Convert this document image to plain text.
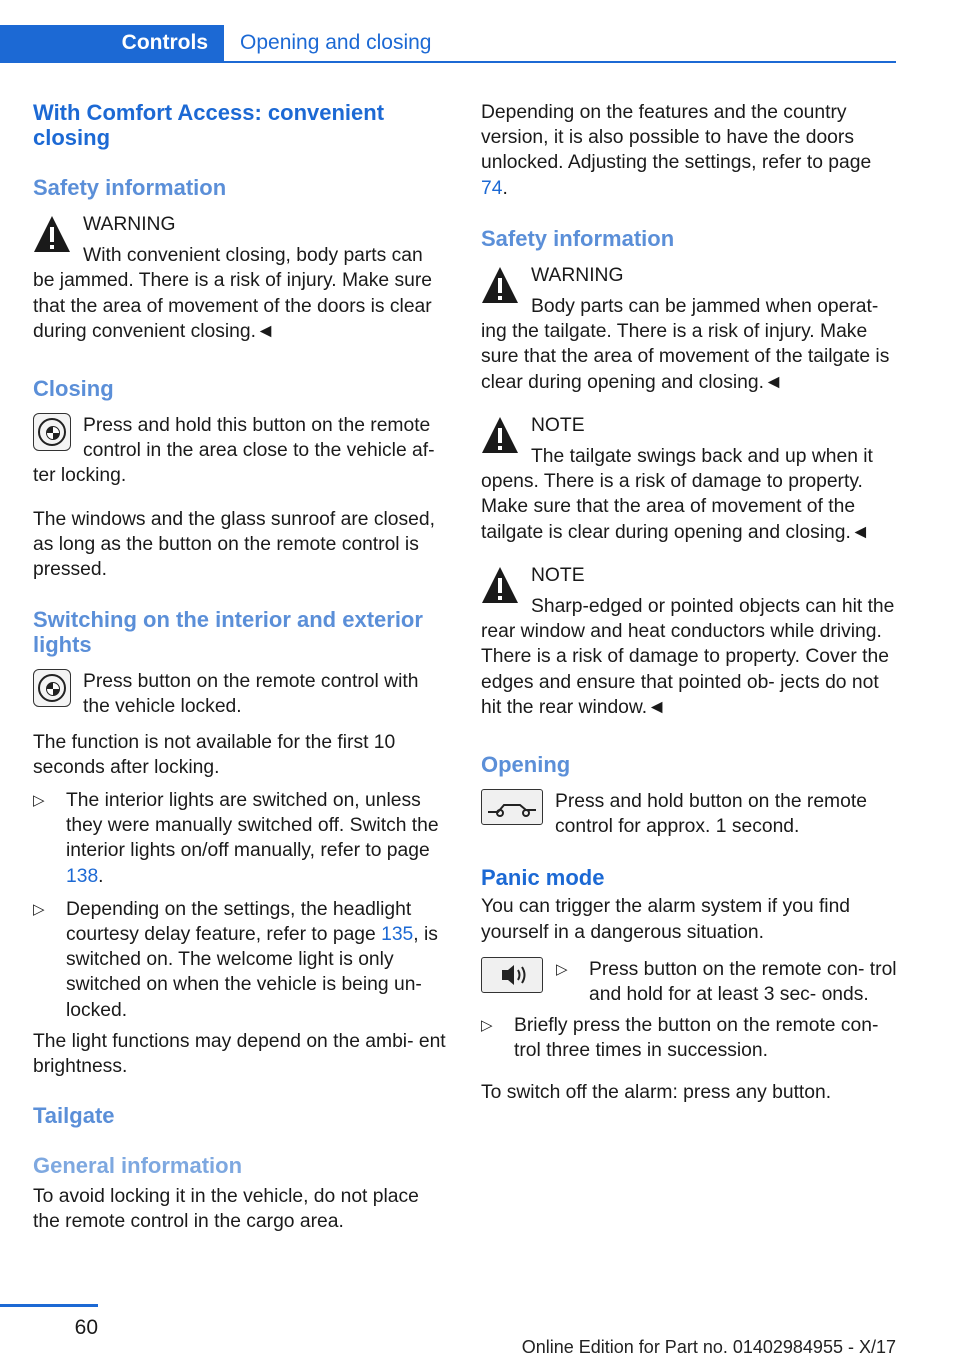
Controls	Opening and closing
With Comfort Access: convenient closing
Safety information

WARNING

With convenient closing, body parts can be jammed. There is a risk of injury. Make sure that the area of movement of the doors is clear during convenient closing.◄

Closing

Press and hold this button on the remote control in the area close to the vehicle af‐ ter locking.

The windows and the glass sunroof are closed, as long as the button on the remote control is pressed.

Switching on the interior and exterior lights

Press button on the remote control with the vehicle locked.

The function is not available for the first 10 seconds after locking.

▷ The interior lights are switched on, unless they were manually switched off. Switch the interior lights on/off manually, refer to page 138.
▷ Depending on the settings, the headlight courtesy delay feature, refer to page 135, is switched on. The welcome light is only switched on when the vehicle is being un‐ locked.

The light functions may depend on the ambi‐ ent brightness.

Tailgate
General information

To avoid locking it in the vehicle, do not place the remote control in the cargo area.

Depending on the features and the country version, it is also possible to have the doors unlocked. Adjusting the settings, refer to page 74.

Safety information

WARNING

Body parts can be jammed when operat‐ ing the tailgate. There is a risk of injury. Make sure that the area of movement of the tailgate is clear during opening and closing.◄

NOTE

The tailgate swings back and up when it opens. There is a risk of damage to property. Make sure that the area of movement of the tailgate is clear during opening and closing.◄

NOTE

Sharp-edged or pointed objects can hit the rear window and heat conductors while driving. There is a risk of damage to property. Cover the edges and ensure that pointed ob‐ jects do not hit the rear window.◄

Opening

Press and hold button on the remote control for approx. 1 second.

Panic mode

You can trigger the alarm system if you find yourself in a dangerous situation.

▷ Press button on the remote con‐ trol and hold for at least 3 sec‐ onds.
▷ Briefly press the button on the remote con‐ trol three times in succession.

To switch off the alarm: press any button.

60
Online Edition for Part no. 01402984955 - X/17
